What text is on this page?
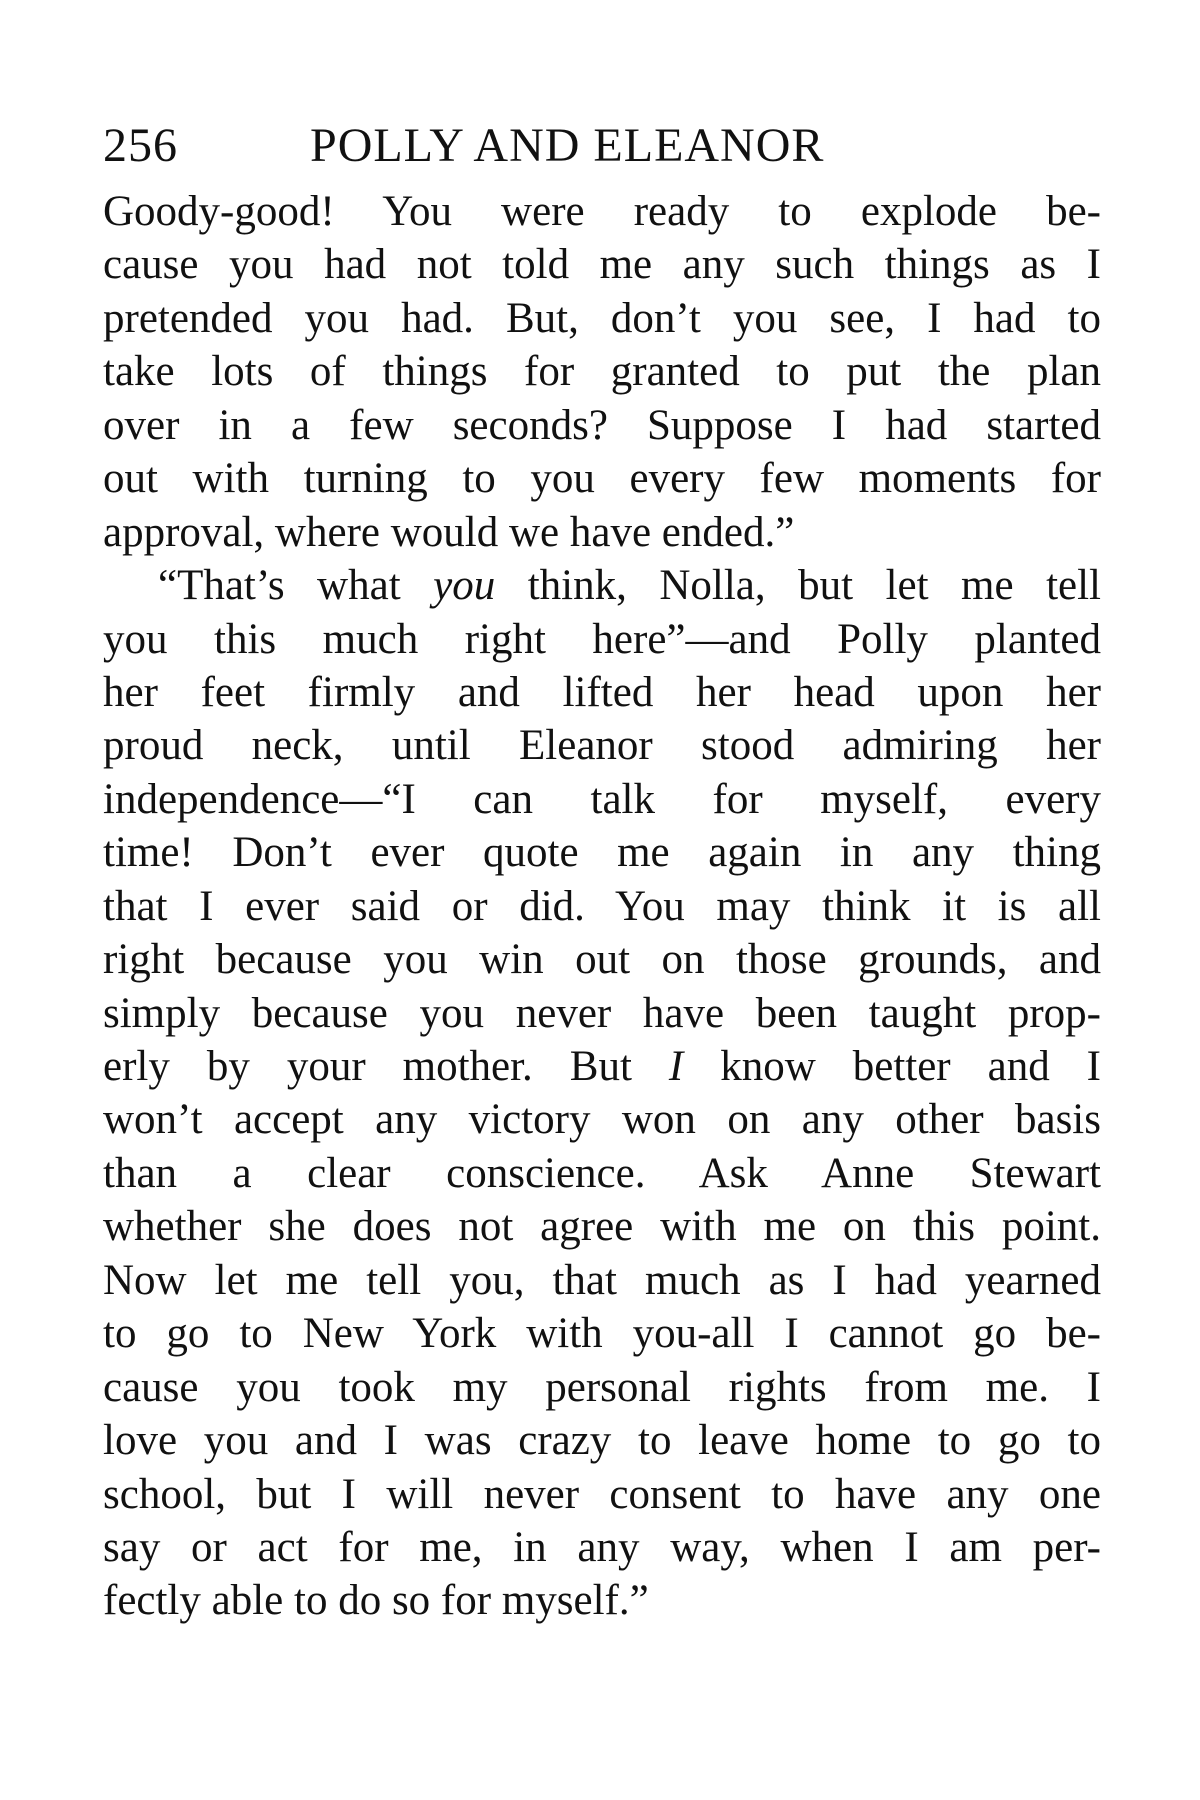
256	POLLY AND ELEANOR
Goody-good! You were ready to explode be-
cause you had not told me any such things as I
pretended you had. But, don’t you see, I had to
take lots of things for granted to put the plan
over in a few seconds? Suppose I had started
out with turning to you every few moments for
approval, where would we have ended.”
“That’s what you think, Nolla, but let me tell
you this much right here”—and Polly planted
her feet firmly and lifted her head upon her
proud neck, until Eleanor stood admiring her
independence—“I can talk for myself, every
time! Don’t ever quote me again in any thing
that I ever said or did. You may think it is all
right because you win out on those grounds, and
simply because you never have been taught prop-
erly by your mother. But I know better and I
won’t accept any victory won on any other basis
than a clear conscience. Ask Anne Stewart
whether she does not agree with me on this point.
Now let me tell you, that much as I had yearned
to go to New York with you-all I cannot go be-
cause you took my personal rights from me. I
love you and I was crazy to leave home to go to
school, but I will never consent to have any one
say or act for me, in any way, when I am per-
fectly able to do so for myself.”
